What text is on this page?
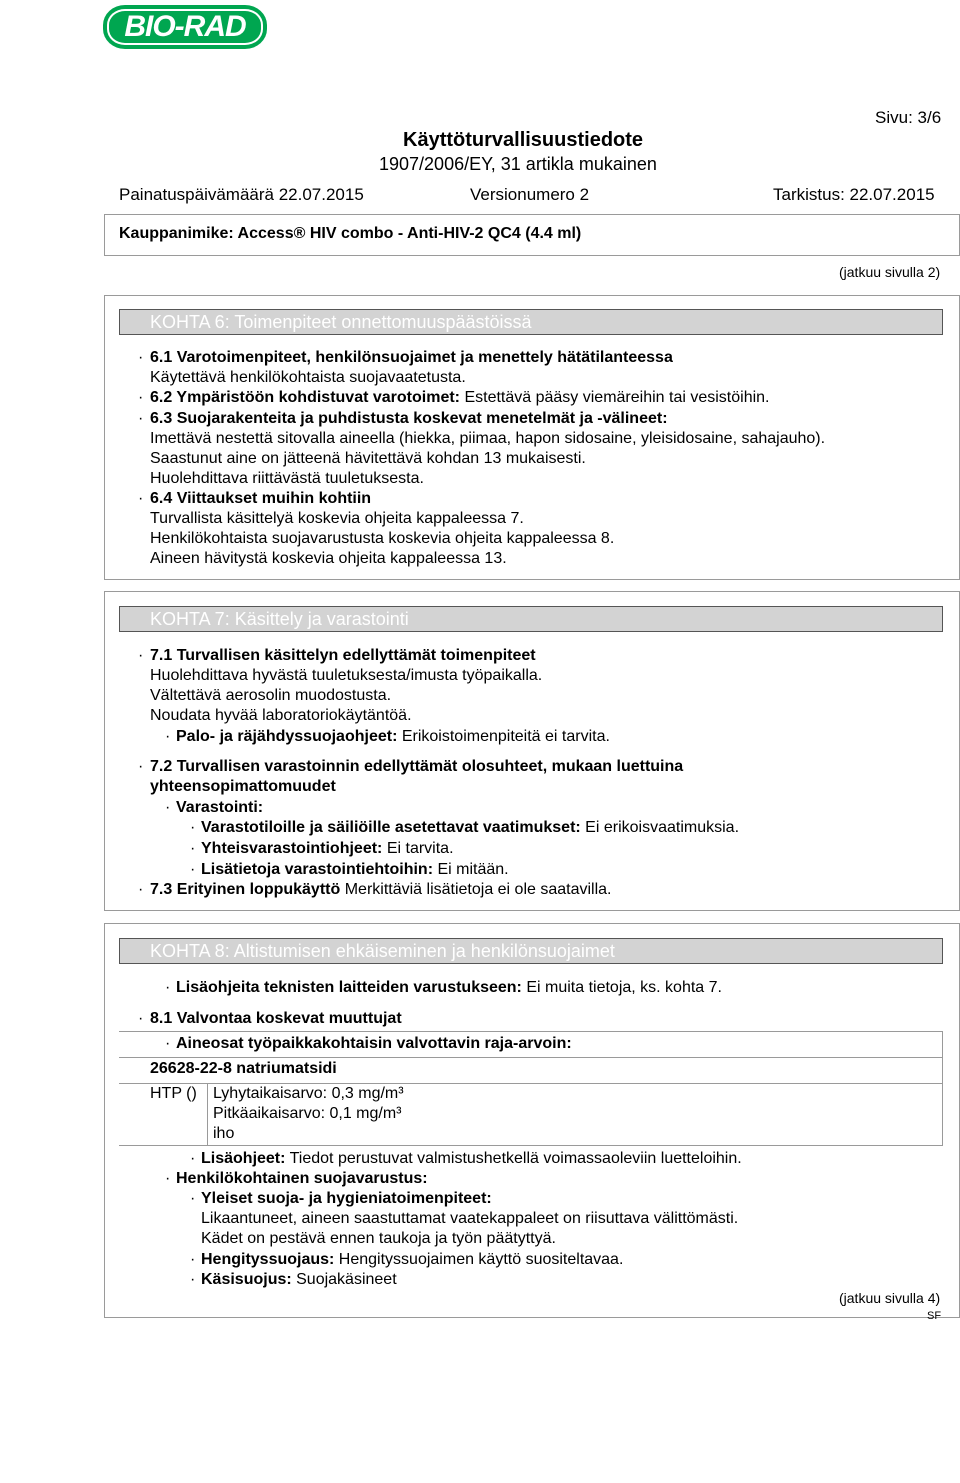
BIO-RAD
Sivu: 3/6
Käyttöturvallisuustiedote
1907/2006/EY, 31 artikla mukainen
Painatuspäivämäärä 22.07.2015	Versionumero 2	Tarkistus: 22.07.2015
Kauppanimike: Access® HIV combo - Anti-HIV-2 QC4 (4.4 ml)
(jatkuu sivulla 2)
KOHTA 6: Toimenpiteet onnettomuuspäästöissä
· 6.1 Varotoimenpiteet, henkilönsuojaimet ja menettely hätätilanteessa
Käytettävä henkilökohtaista suojavaatetusta.
· 6.2 Ympäristöön kohdistuvat varotoimet: Estettävä pääsy viemäreihin tai vesistöihin.
· 6.3 Suojarakenteita ja puhdistusta koskevat menetelmät ja -välineet:
Imettävä nestettä sitovalla aineella (hiekka, piimaa, hapon sidosaine, yleisidosaine, sahajauho).
Saastunut aine on jätteenä hävitettävä kohdan 13 mukaisesti.
Huolehdittava riittävästä tuuletuksesta.
· 6.4 Viittaukset muihin kohtiin
Turvallista käsittelyä koskevia ohjeita kappaleessa 7.
Henkilökohtaista suojavarustusta koskevia ohjeita kappaleessa 8.
Aineen hävitystä koskevia ohjeita kappaleessa 13.
KOHTA 7: Käsittely ja varastointi
· 7.1 Turvallisen käsittelyn edellyttämät toimenpiteet
Huolehdittava hyvästä tuuletuksesta/imusta työpaikalla.
Vältettävä aerosolin muodostusta.
Noudata hyvää laboratoriokäytäntöä.
· Palo- ja räjähdyssuojaohjeet: Erikoistoimenpiteitä ei tarvita.
· 7.2 Turvallisen varastoinnin edellyttämät olosuhteet, mukaan luettuina
yhteensopimattomuudet
· Varastointi:
· Varastotiloille ja säiliöille asetettavat vaatimukset: Ei erikoisvaatimuksia.
· Yhteisvarastointiohjeet: Ei tarvita.
· Lisätietoja varastointiehtoihin: Ei mitään.
· 7.3 Erityinen loppukäyttö Merkittäviä lisätietoja ei ole saatavilla.
KOHTA 8: Altistumisen ehkäiseminen ja henkilönsuojaimet
· Lisäohjeita teknisten laitteiden varustukseen: Ei muita tietoja, ks. kohta 7.
· 8.1 Valvontaa koskevat muuttujat
· Aineosat työpaikkakohtaisin valvottavin raja-arvoin:
26628-22-8 natriumatsidi
HTP () Lyhytaikaisarvo: 0,3 mg/m³
Pitkäaikaisarvo: 0,1 mg/m³
iho
· Lisäohjeet: Tiedot perustuvat valmistushetkellä voimassaoleviin luetteloihin.
· Henkilökohtainen suojavarustus:
· Yleiset suoja- ja hygieniatoimenpiteet:
Likaantuneet, aineen saastuttamat vaatekappaleet on riisuttava välittömästi.
Kädet on pestävä ennen taukoja ja työn päätyttyä.
· Hengityssuojaus: Hengityssuojaimen käyttö suositeltavaa.
· Käsisuojus: Suojakäsineet
(jatkuu sivulla 4)
SF
